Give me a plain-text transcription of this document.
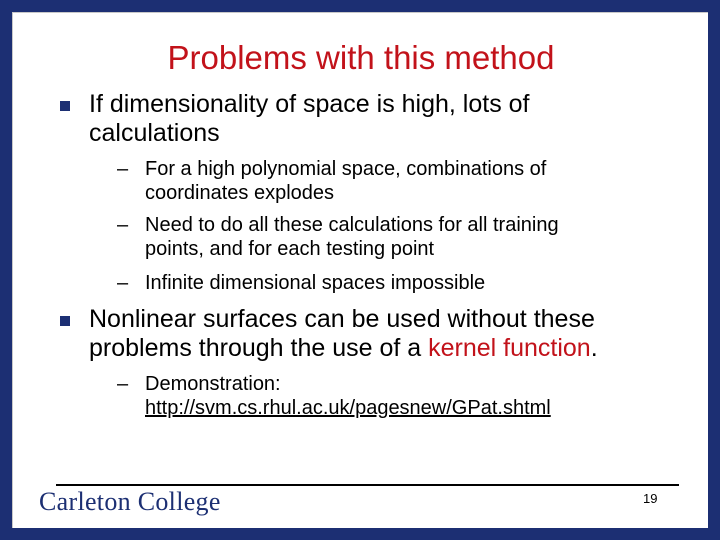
Problems with this method
If dimensionality of space is high, lots of
calculations
– For a high polynomial space, combinations of
coordinates explodes
– Need to do all these calculations for all training
points, and for each testing point
– Infinite dimensional spaces impossible
Nonlinear surfaces can be used without these
problems through the use of a kernel function.
– Demonstration:
http://svm.cs.rhul.ac.uk/pagesnew/GPat.shtml
Carleton College	19
